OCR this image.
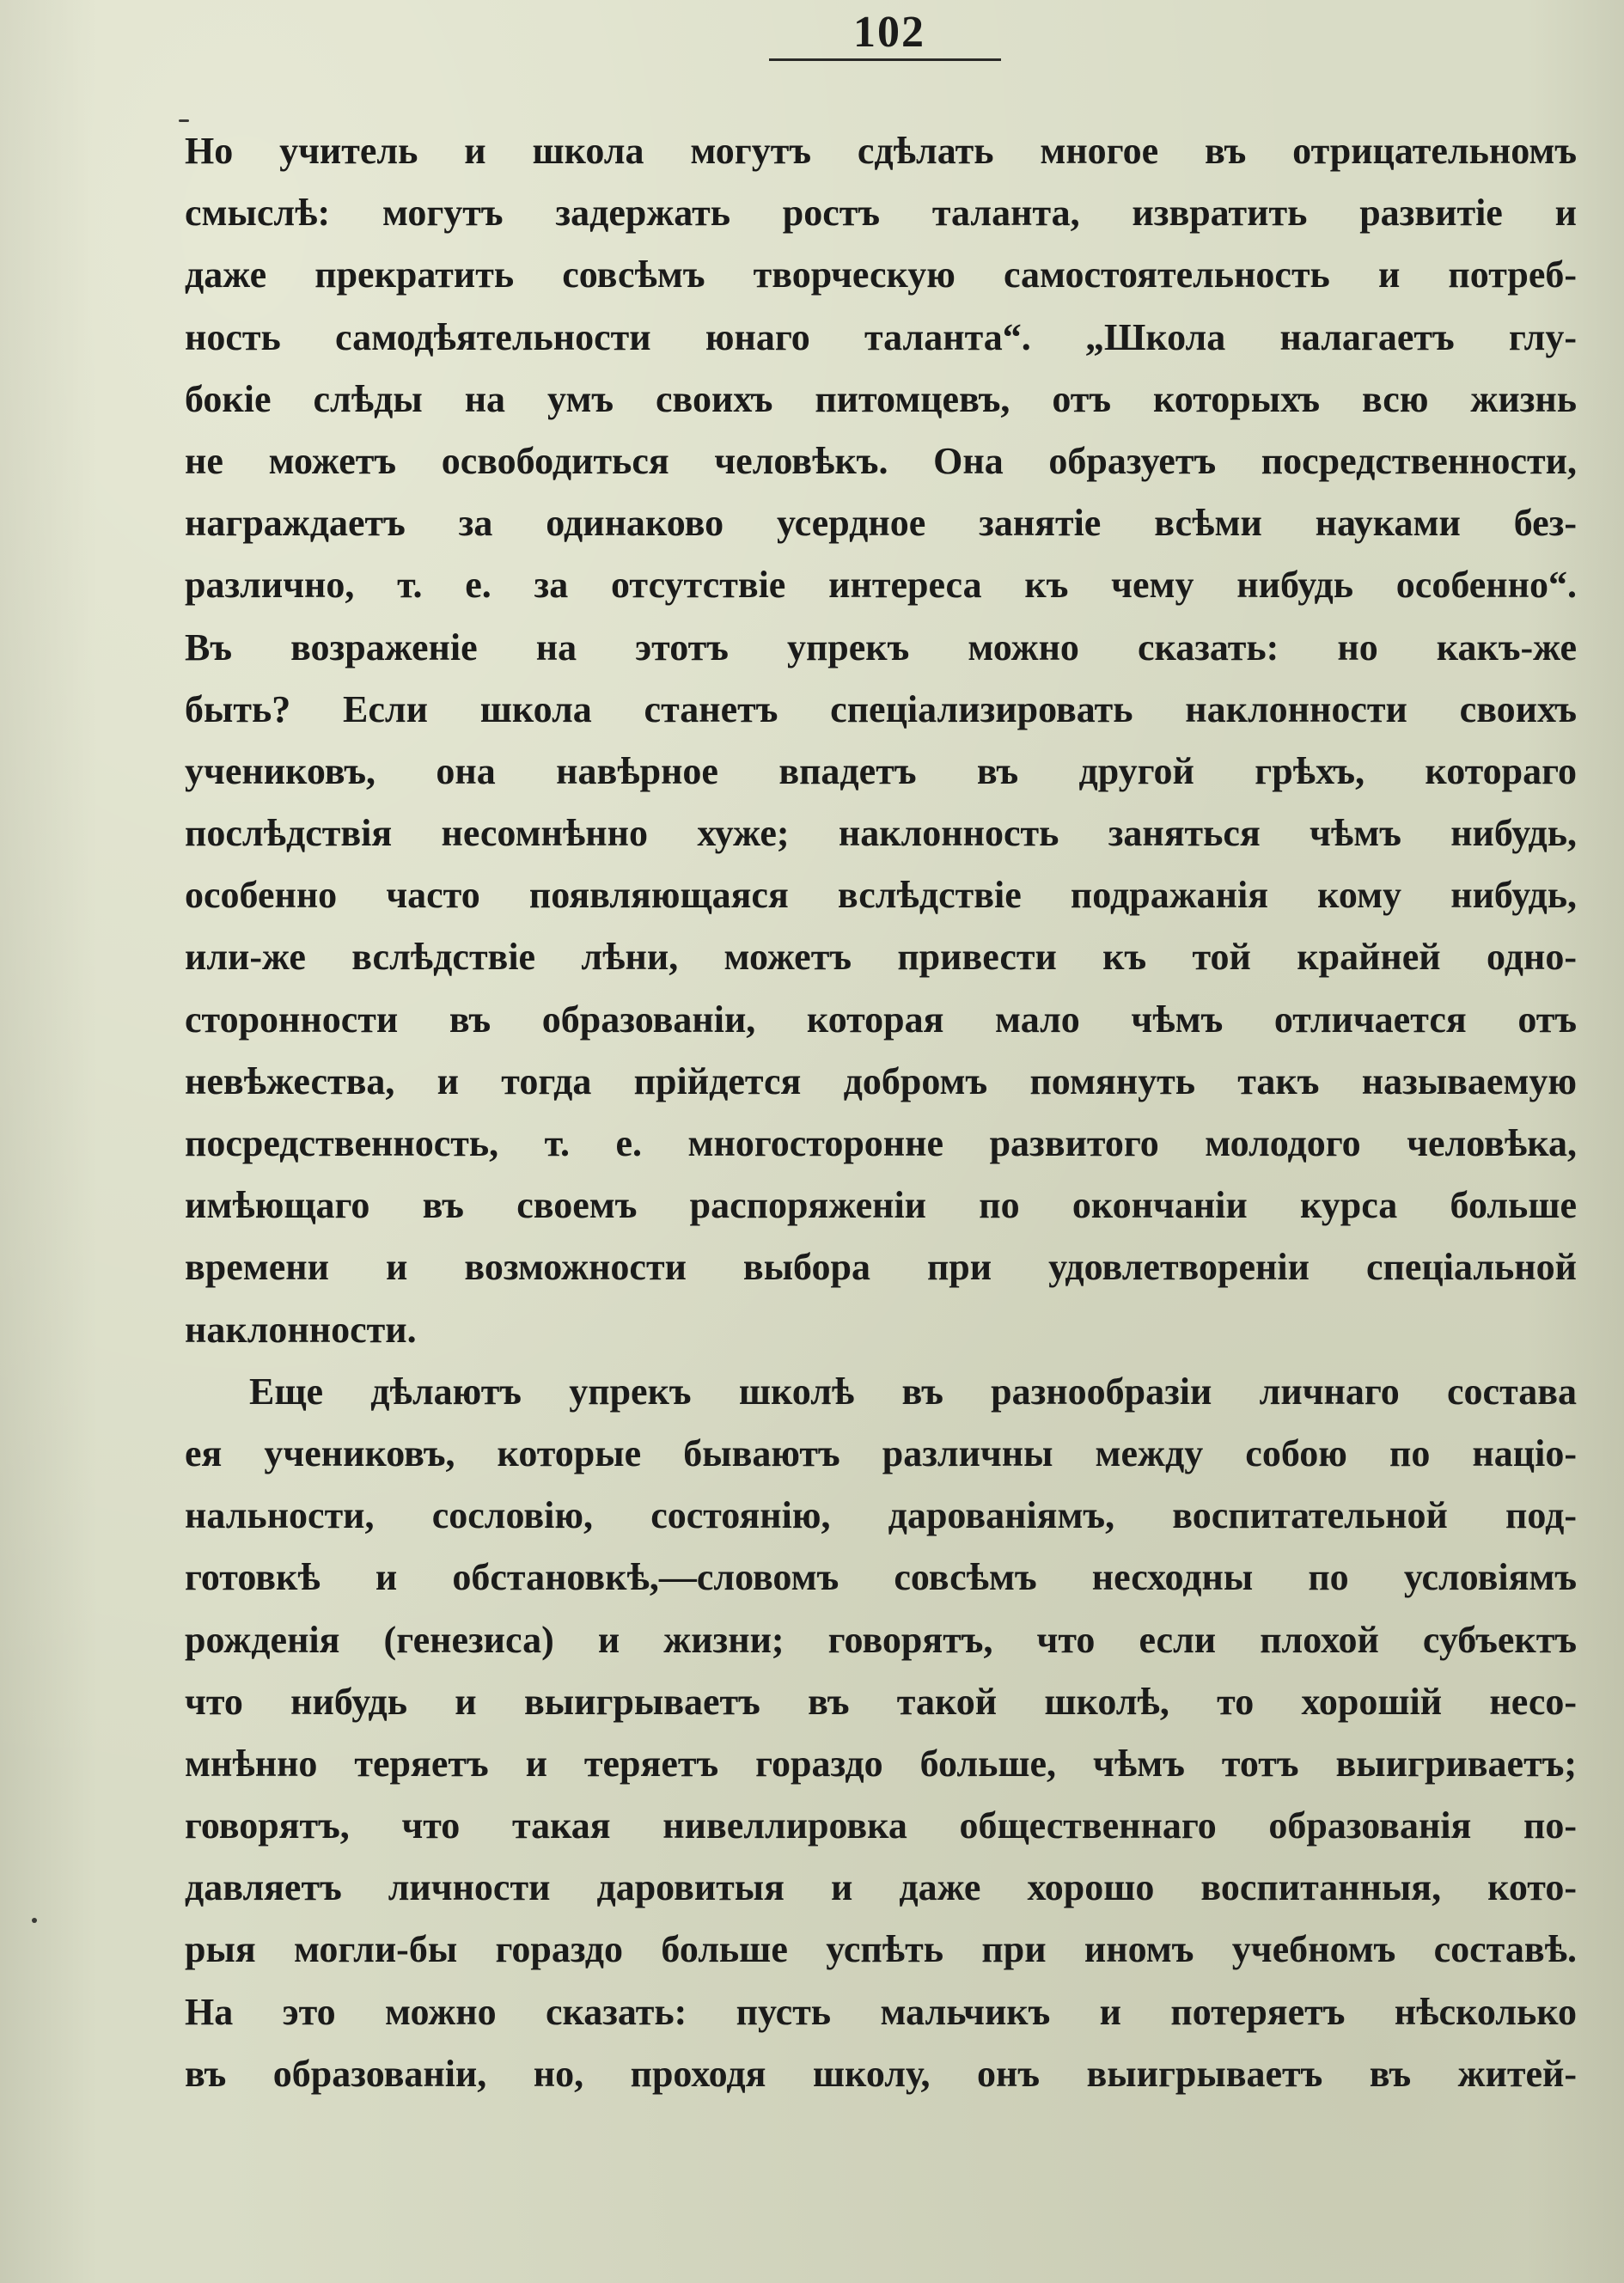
102
Но учитель и школа могутъ сдѣлать многое въ отрицательномъ
смыслѣ: могутъ задержать ростъ таланта, извратить развитіе и
даже прекратить совсѣмъ творческую самостоятельность и потреб-
ность самодѣятельности юнаго таланта“. „Школа налагаетъ глу-
бокіе слѣды на умъ своихъ питомцевъ, отъ которыхъ всю жизнь
не можетъ освободиться человѣкъ. Она образуетъ посредственности,
награждаетъ за одинаково усердное занятіе всѣми науками без-
различно, т. е. за отсутствіе интереса къ чему нибудь особенно“.
Въ возраженіе на этотъ упрекъ можно сказать: но какъ-же
быть? Если школа станетъ спеціализировать наклонности своихъ
учениковъ, она навѣрное впадетъ въ другой грѣхъ, котораго
послѣдствія несомнѣнно хуже; наклонность заняться чѣмъ нибудь,
особенно часто появляющаяся вслѣдствіе подражанія кому нибудь,
или-же вслѣдствіе лѣни, можетъ привести къ той крайней одно-
сторонности въ образованіи, которая мало чѣмъ отличается отъ
невѣжества, и тогда прійдется добромъ помянуть такъ называемую
посредственность, т. е. многосторонне развитого молодого человѣка,
имѣющаго въ своемъ распоряженіи по окончаніи курса больше
времени и возможности выбора при удовлетвореніи спеціальной
наклонности.
Еще дѣлаютъ упрекъ школѣ въ разнообразіи личнаго состава
ея учениковъ, которые бываютъ различны между собою по націо-
нальности, сословію, состоянію, дарованіямъ, воспитательной под-
готовкѣ и обстановкѣ,—словомъ совсѣмъ несходны по условіямъ
рожденія (генезиса) и жизни; говорятъ, что если плохой субъектъ
что нибудь и выигрываетъ въ такой школѣ, то хорошій несо-
мнѣнно теряетъ и теряетъ гораздо больше, чѣмъ тотъ выигриваетъ;
говорятъ, что такая нивеллировка общественнаго образованія по-
давляетъ личности даровитыя и даже хорошо воспитанныя, кото-
рыя могли-бы гораздо больше успѣть при иномъ учебномъ составѣ.
На это можно сказать: пусть мальчикъ и потеряетъ нѣсколько
въ образованіи, но, проходя школу, онъ выигрываетъ въ житей-
